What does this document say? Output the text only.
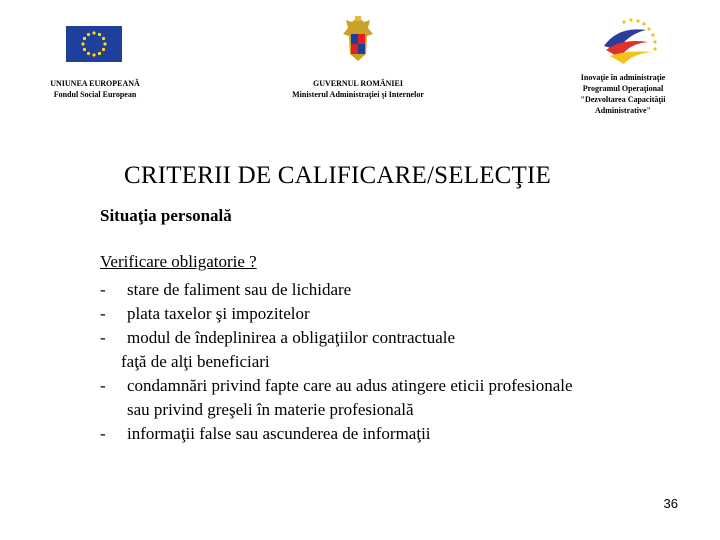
UNIUNEA EUROPEANĂ
Fondul Social European
GUVERNUL ROMÂNIEI
Ministerul Administraţiei şi Internelor
Inovaţie în administraţie
Programul Operaţional
"Dezvoltarea Capacităţii
Administrative"
CRITERII DE CALIFICARE/SELECŢIE
Situaţia personală
Verificare obligatorie ?
- stare de faliment sau de lichidare
- plata taxelor şi impozitelor
-	modul de îndeplinirea a obligaţiilor contractuale
faţă de alţi beneficiari
- condamnări privind fapte care au adus atingere eticii profesionale
sau privind greşeli în materie profesională
- informaţii false sau ascunderea de informaţii
36
